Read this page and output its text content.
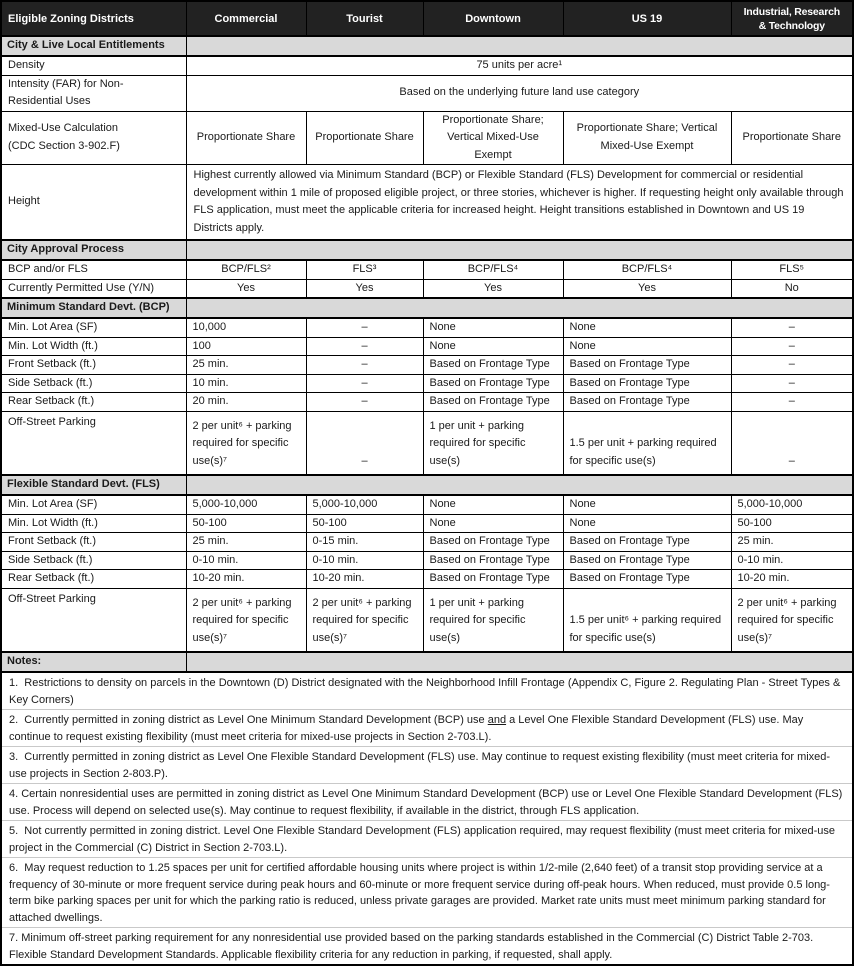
Eligible Zoning Districts	Commercial	Tourist	Downtown	US 19	Industrial, Research
& Technology
City & Live Local Entitlements					
Density	75 units per acre¹				
Intensity (FAR) for Non-
Residential Uses	Based on the underlying future land use category				
Mixed-Use Calculation
(CDC Section 3-902.F)	Proportionate Share	Proportionate Share	Proportionate Share; Vertical Mixed-Use Exempt	Proportionate Share; Vertical Mixed-Use Exempt	Proportionate Share
Height	Highest currently allowed via Minimum Standard (BCP) or Flexible Standard (FLS) Development for commercial or residential development within 1 mile of proposed eligible project, or three stories, whichever is higher. If requesting height only available through FLS application, must meet the applicable criteria for increased height. Height transitions established in Downtown and US 19 Districts apply.				
City Approval Process					
BCP and/or FLS	BCP/FLS²	FLS³	BCP/FLS⁴	BCP/FLS⁴	FLS⁵
Currently Permitted Use (Y/N)	Yes	Yes	Yes	Yes	No
Minimum Standard Devt. (BCP)					
Min. Lot Area (SF)	10,000	–	None	None	–
Min. Lot Width (ft.)	100	–	None	None	–
Front Setback (ft.)	25 min.	–	Based on Frontage Type	Based on Frontage Type	–
Side Setback (ft.)	10 min.	–	Based on Frontage Type	Based on Frontage Type	–
Rear Setback (ft.)	20 min.	–	Based on Frontage Type	Based on Frontage Type	–
Off-Street Parking	2 per unit⁶ + parking required for specific use(s)⁷	–	1 per unit + parking required for specific use(s)	1.5 per unit + parking required for specific use(s)	–
Flexible Standard Devt. (FLS)					
Min. Lot Area (SF)	5,000-10,000	5,000-10,000	None	None	5,000-10,000
Min. Lot Width (ft.)	50-100	50-100	None	None	50-100
Front Setback (ft.)	25 min.	0-15 min.	Based on Frontage Type	Based on Frontage Type	25 min.
Side Setback (ft.)	0-10 min.	0-10 min.	Based on Frontage Type	Based on Frontage Type	0-10 min.
Rear Setback (ft.)	10-20 min.	10-20 min.	Based on Frontage Type	Based on Frontage Type	10-20 min.
Off-Street Parking	2 per unit⁶ + parking required for specific use(s)⁷	2 per unit⁶ + parking required for specific use(s)⁷	1 per unit + parking required for specific use(s)	1.5 per unit⁶ + parking required for specific use(s)	2 per unit⁶ + parking required for specific use(s)⁷
Notes:					
1.  Restrictions to density on parcels in the Downtown (D) District designated with the Neighborhood Infill Frontage (Appendix C, Figure 2. Regulating Plan - Street Types & Key Corners)					
2.  Currently permitted in zoning district as Level One Minimum Standard Development (BCP) use and a Level One Flexible Standard Development (FLS) use. May continue to request existing flexibility (must meet criteria for mixed-use projects in Section 2-703.L).					
3.  Currently permitted in zoning district as Level One Flexible Standard Development (FLS) use. May continue to request existing flexibility (must meet criteria for mixed-use projects in Section 2-803.P).					
4. Certain nonresidential uses are permitted in zoning district as Level One Minimum Standard Development (BCP) use or Level One Flexible Standard Development (FLS) use. Process will depend on selected use(s). May continue to request flexibility, if available in the district, through FLS application.					
5.  Not currently permitted in zoning district. Level One Flexible Standard Development (FLS) application required, may request flexibility (must meet criteria for mixed-use project in the Commercial (C) District in Section 2-703.L).					
6.  May request reduction to 1.25 spaces per unit for certified affordable housing units where project is within 1/2-mile (2,640 feet) of a transit stop providing service at a frequency of 30-minute or more frequent service during peak hours and 60-minute or more frequent service during off-peak hours. When reduced, must provide 0.5 long-term bike parking spaces per unit for which the parking ratio is reduced, unless private garages are provided. Market rate units must meet minimum parking standard for attached dwellings.					
7. Minimum off-street parking requirement for any nonresidential use provided based on the parking standards established in the Commercial (C) District Table 2-703. Flexible Standard Development Standards. Applicable flexibility criteria for any reduction in parking, if requested, shall apply.					
